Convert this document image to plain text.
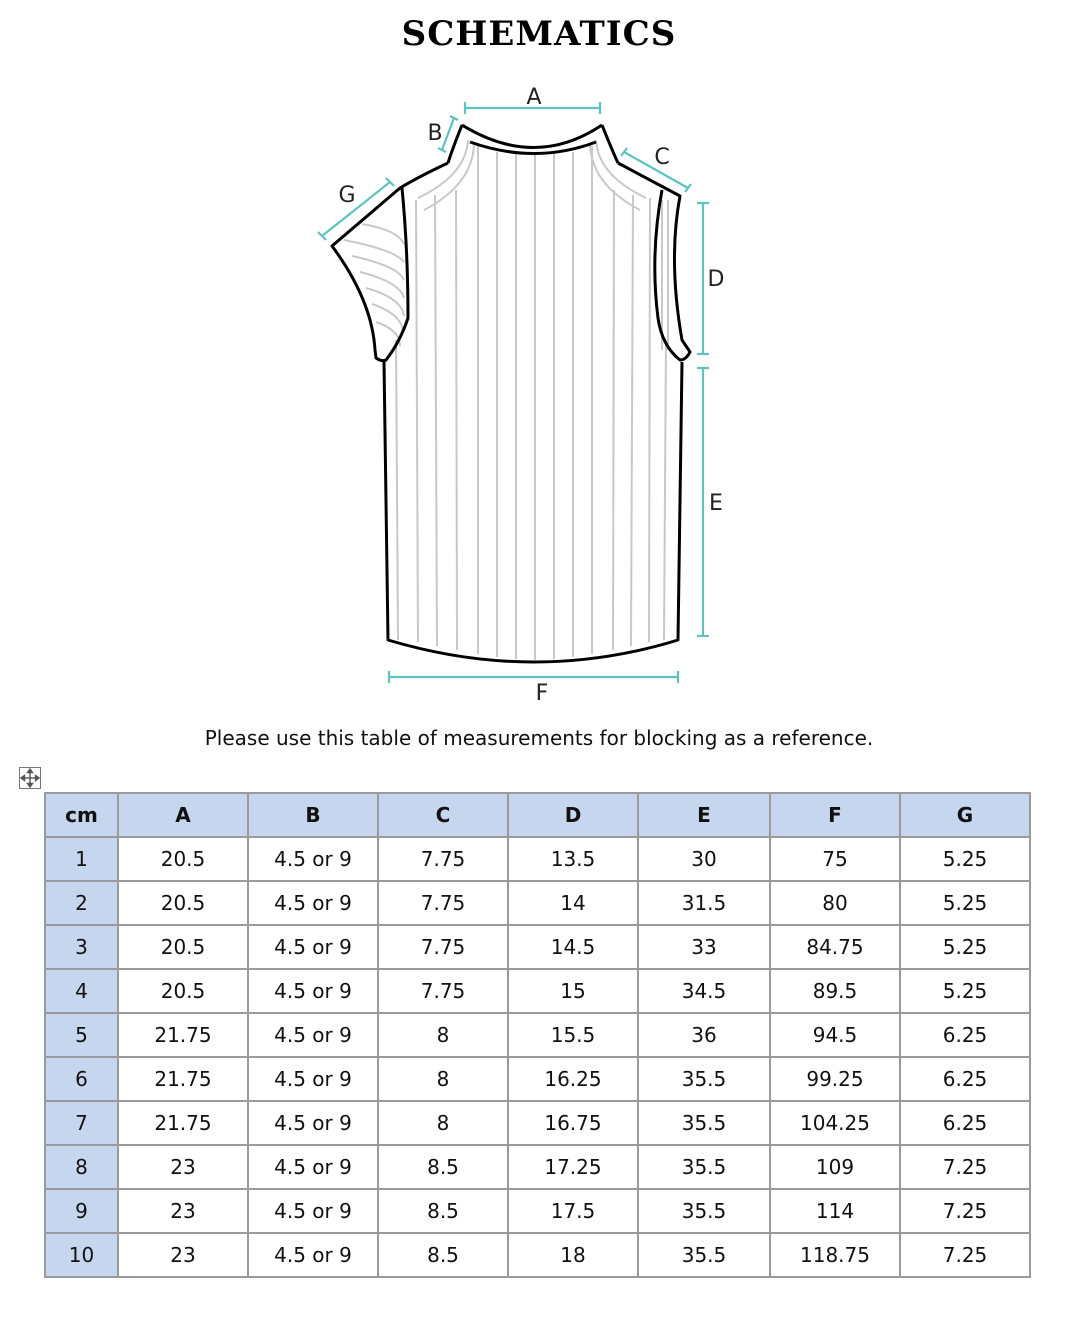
SCHEMATICS
A
B
C
D
E
F
G
Please use this table of measurements for blocking as a reference.
cm	A	B	C	D	E	F	G
1	20.5	4.5 or 9	7.75	13.5	30	75	5.25
2	20.5	4.5 or 9	7.75	14	31.5	80	5.25
3	20.5	4.5 or 9	7.75	14.5	33	84.75	5.25
4	20.5	4.5 or 9	7.75	15	34.5	89.5	5.25
5	21.75	4.5 or 9	8	15.5	36	94.5	6.25
6	21.75	4.5 or 9	8	16.25	35.5	99.25	6.25
7	21.75	4.5 or 9	8	16.75	35.5	104.25	6.25
8	23	4.5 or 9	8.5	17.25	35.5	109	7.25
9	23	4.5 or 9	8.5	17.5	35.5	114	7.25
10	23	4.5 or 9	8.5	18	35.5	118.75	7.25
